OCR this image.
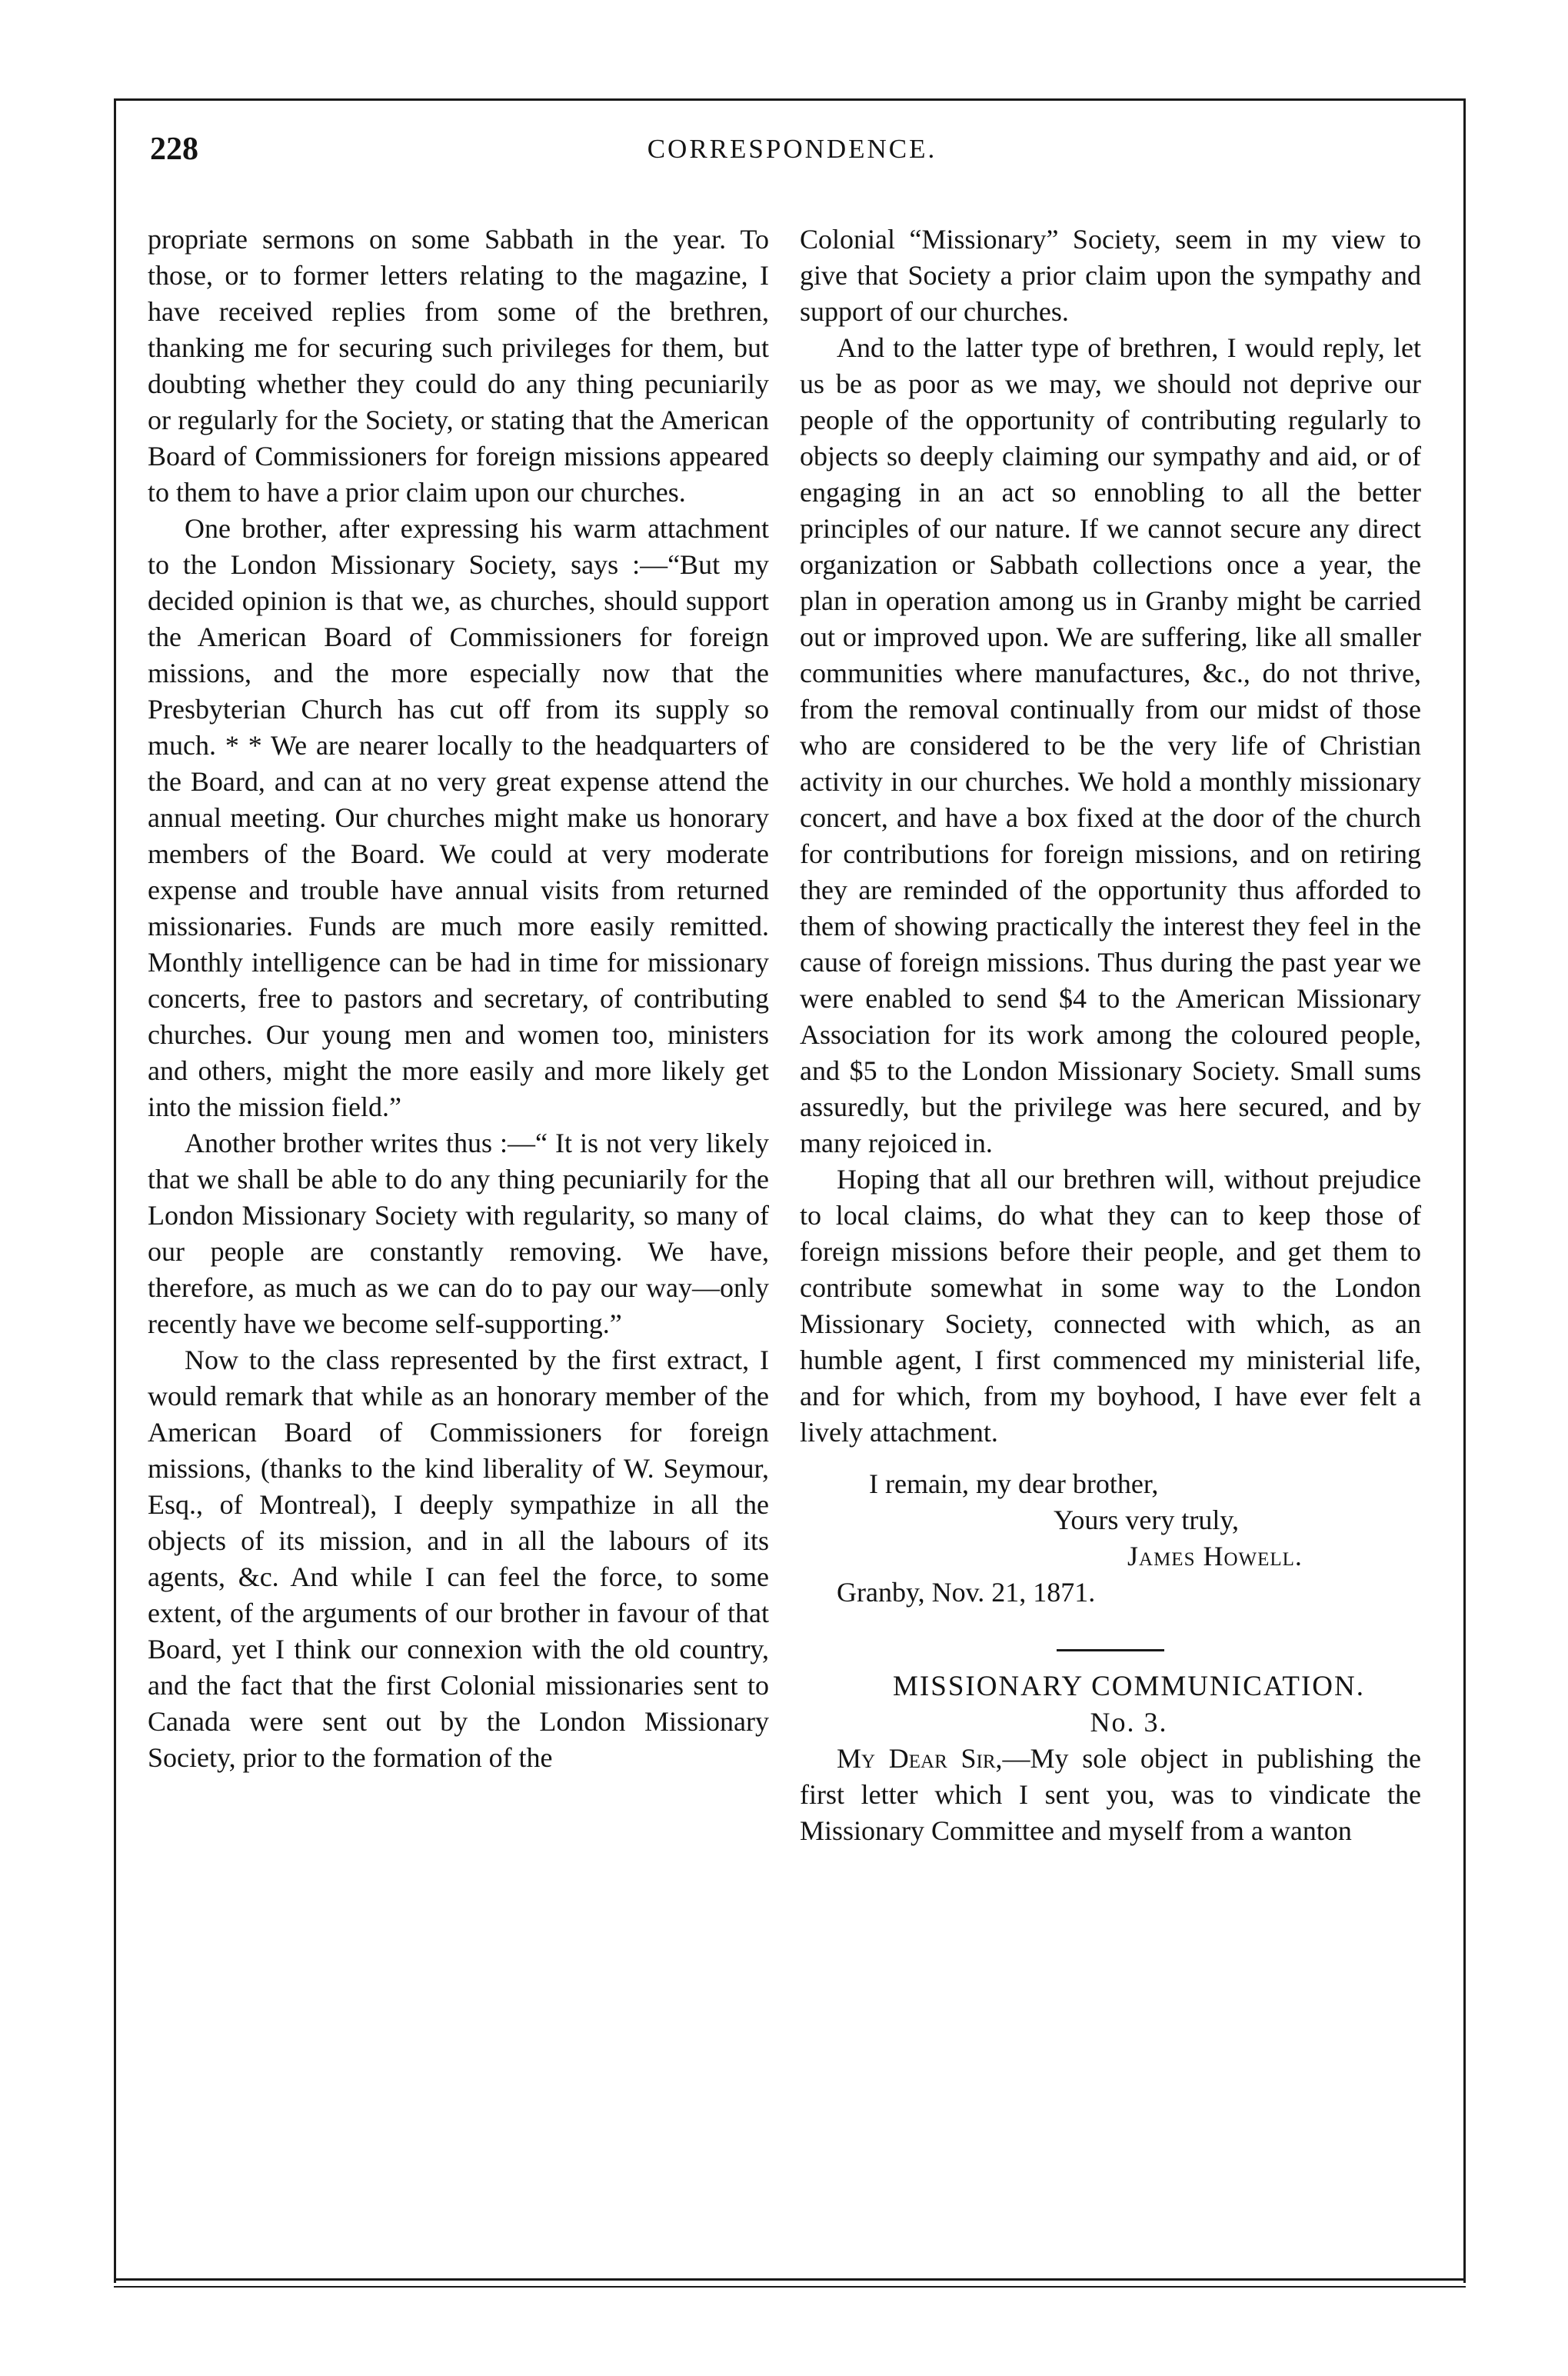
228	CORRESPONDENCE.

propriate sermons on some Sabbath in the year. To those, or to former letters relating to the magazine, I have received replies from some of the brethren, thanking me for securing such privileges for them, but doubting whether they could do any thing pecuniarily or regularly for the Society, or stating that the American Board of Commissioners for foreign missions appeared to them to have a prior claim upon our churches.

One brother, after expressing his warm attachment to the London Missionary Society, says :—“But my decided opinion is that we, as churches, should support the American Board of Commissioners for foreign missions, and the more especially now that the Presbyterian Church has cut off from its supply so much. * * We are nearer locally to the headquarters of the Board, and can at no very great expense attend the annual meeting. Our churches might make us honorary members of the Board. We could at very moderate expense and trouble have annual visits from returned missionaries. Funds are much more easily remitted. Monthly intelligence can be had in time for missionary concerts, free to pastors and secretary, of contributing churches. Our young men and women too, ministers and others, might the more easily and more likely get into the mission field.”

Another brother writes thus :—“ It is not very likely that we shall be able to do any thing pecuniarily for the London Missionary Society with regularity, so many of our people are constantly removing. We have, therefore, as much as we can do to pay our way—only recently have we become self-supporting.”

Now to the class represented by the first extract, I would remark that while as an honorary member of the American Board of Commissioners for foreign missions, (thanks to the kind liberality of W. Seymour, Esq., of Montreal), I deeply sympathize in all the objects of its mission, and in all the labours of its agents, &c. And while I can feel the force, to some extent, of the arguments of our brother in favour of that Board, yet I think our connexion with the old country, and the fact that the first Colonial missionaries sent to Canada were sent out by the London Missionary Society, prior to the formation of the

Colonial “Missionary” Society, seem in my view to give that Society a prior claim upon the sympathy and support of our churches.

And to the latter type of brethren, I would reply, let us be as poor as we may, we should not deprive our people of the opportunity of contributing regularly to objects so deeply claiming our sympathy and aid, or of engaging in an act so ennobling to all the better principles of our nature. If we cannot secure any direct organization or Sabbath collections once a year, the plan in operation among us in Granby might be carried out or improved upon. We are suffering, like all smaller communities where manufactures, &c., do not thrive, from the removal continually from our midst of those who are considered to be the very life of Christian activity in our churches. We hold a monthly missionary concert, and have a box fixed at the door of the church for contributions for foreign missions, and on retiring they are reminded of the opportunity thus afforded to them of showing practically the interest they feel in the cause of foreign missions. Thus during the past year we were enabled to send $4 to the American Missionary Association for its work among the coloured people, and $5 to the London Missionary Society. Small sums assuredly, but the privilege was here secured, and by many rejoiced in.

Hoping that all our brethren will, without prejudice to local claims, do what they can to keep those of foreign missions before their people, and get them to contribute somewhat in some way to the London Missionary Society, connected with which, as an humble agent, I first commenced my ministerial life, and for which, from my boyhood, I have ever felt a lively attachment.

I remain, my dear brother,

Yours very truly,

James Howell.

Granby, Nov. 21, 1871.

MISSIONARY COMMUNICATION.

No. 3.

My Dear Sir,—My sole object in publishing the first letter which I sent you, was to vindicate the Missionary Committee and myself from a wanton
